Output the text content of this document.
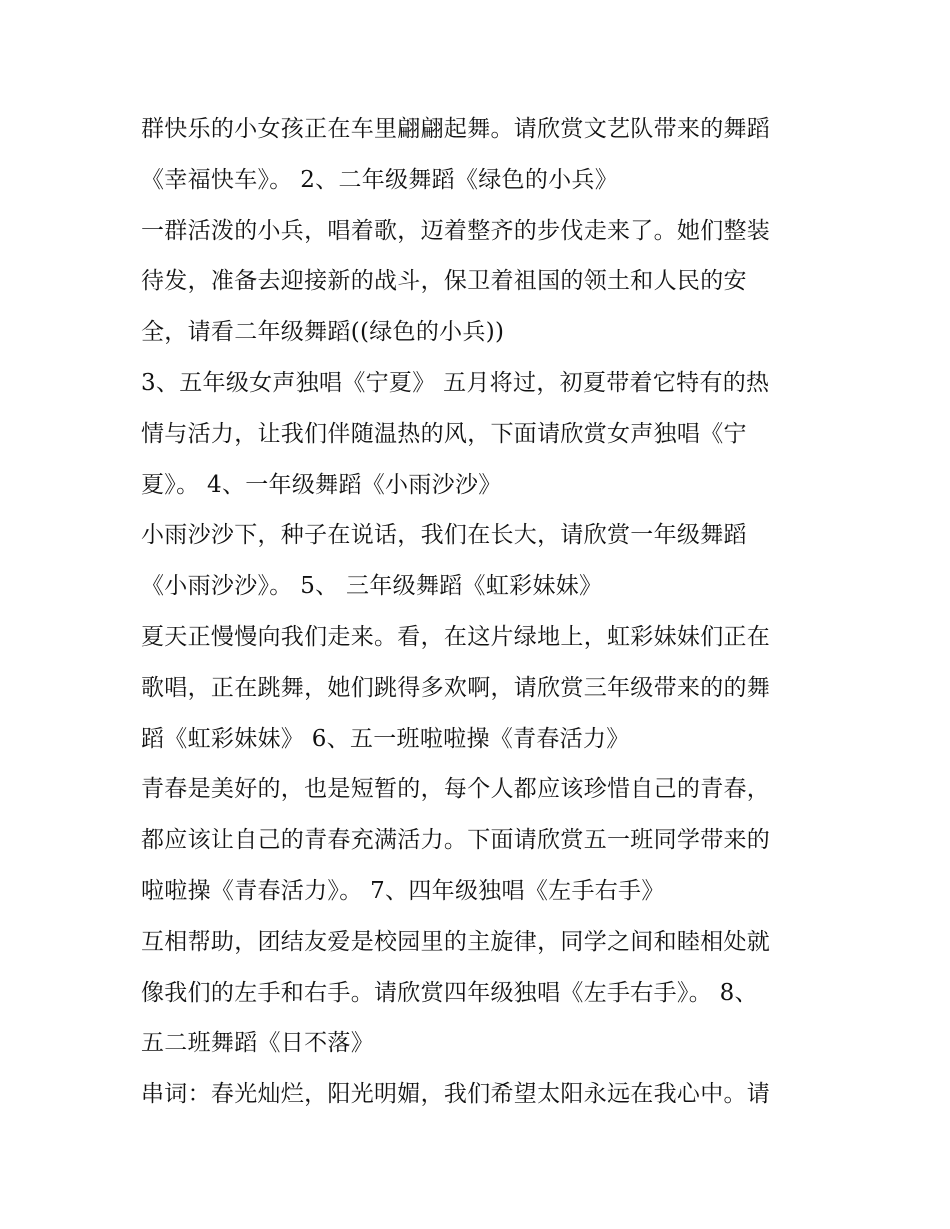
群快乐的小女孩正在车里翩翩起舞。请欣赏文艺队带来的舞蹈
《幸福快车》。 2、二年级舞蹈《绿色的小兵》
一群活泼的小兵，唱着歌，迈着整齐的步伐走来了。她们整装
待发，准备去迎接新的战斗，保卫着祖国的领土和人民的安
全，请看二年级舞蹈((绿色的小兵))
3、五年级女声独唱《宁夏》 五月将过，初夏带着它特有的热
情与活力，让我们伴随温热的风，下面请欣赏女声独唱《宁
夏》。 4、一年级舞蹈《小雨沙沙》
小雨沙沙下，种子在说话，我们在长大，请欣赏一年级舞蹈
《小雨沙沙》。 5、 三年级舞蹈《虹彩妹妹》
夏天正慢慢向我们走来。看，在这片绿地上，虹彩妹妹们正在
歌唱，正在跳舞，她们跳得多欢啊，请欣赏三年级带来的的舞
蹈《虹彩妹妹》 6、五一班啦啦操《青春活力》
青春是美好的，也是短暂的，每个人都应该珍惜自己的青春，
都应该让自己的青春充满活力。下面请欣赏五一班同学带来的
啦啦操《青春活力》。 7、四年级独唱《左手右手》
互相帮助，团结友爱是校园里的主旋律，同学之间和睦相处就
像我们的左手和右手。请欣赏四年级独唱《左手右手》。 8、
五二班舞蹈《日不落》
串词：春光灿烂，阳光明媚，我们希望太阳永远在我心中。请
